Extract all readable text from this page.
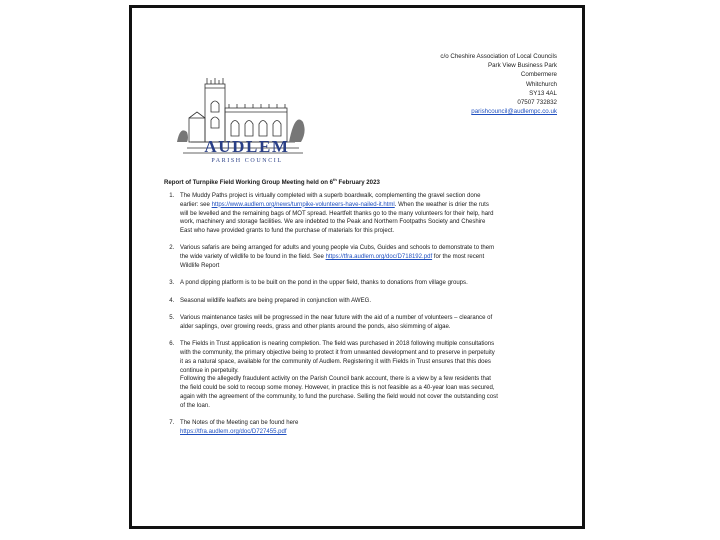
c/o Cheshire Association of Local Councils
Park View Business Park
Combermere
Whitchurch
SY13 4AL
07507 732832
parishcouncil@audlempc.co.uk
AUDLEM
PARISH COUNCIL
Report of Turnpike Field Working Group Meeting held on 6th February 2023
1. The Muddy Paths project is virtually completed with a superb boardwalk, complementing the gravel section done earlier: see https://www.audlem.org/news/turnpike-volunteers-have-nailed-it.html. When the weather is drier the ruts will be levelled and the remaining bags of MOT spread. Heartfelt thanks go to the many volunteers for their help, hard work, machinery and storage facilities. We are indebted to the Peak and Northern Footpaths Society and Cheshire East who have provided grants to fund the purchase of materials for this project.
2. Various safaris are being arranged for adults and young people via Cubs, Guides and schools to demonstrate to them the wide variety of wildlife to be found in the field. See https://tfra.audlem.org/doc/D718192.pdf for the most recent Wildlife Report
3. A pond dipping platform is to be built on the pond in the upper field, thanks to donations from village groups.
4. Seasonal wildlife leaflets are being prepared in conjunction with AWEG.
5. Various maintenance tasks will be progressed in the near future with the aid of a number of volunteers – clearance of alder saplings, over growing reeds, grass and other plants around the ponds, also skimming of algae.
6. The Fields in Trust application is nearing completion. The field was purchased in 2018 following multiple consultations with the community, the primary objective being to protect it from unwanted development and to preserve in perpetuity it as a natural space, available for the community of Audlem. Registering it with Fields in Trust ensures that this does continue in perpetuity.
Following the allegedly fraudulent activity on the Parish Council bank account, there is a view by a few residents that the field could be sold to recoup some money. However, in practice this is not feasible as a 40-year loan was secured, again with the agreement of the community, to fund the purchase. Selling the field would not cover the outstanding cost of the loan.
7. The Notes of the Meeting can be found here
https://tfra.audlem.org/doc/D727455.pdf
